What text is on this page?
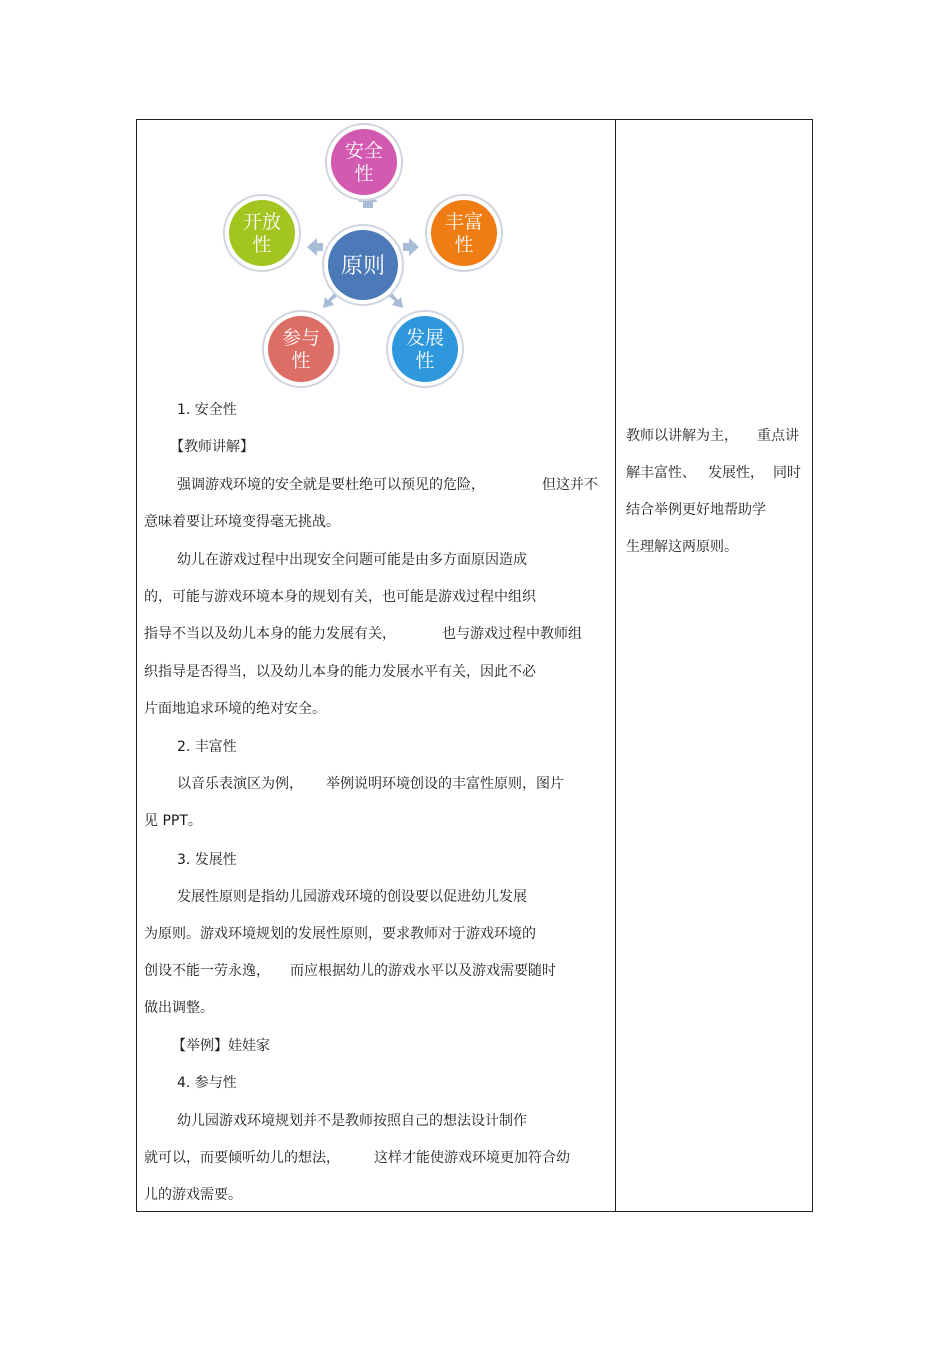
原则
安全
性
丰富
性
发展
性
参与
性
开放
性
1. 安全性
【教师讲解】
强调游戏环境的安全就是要杜绝可以预见的危险，	但这并不
意味着要让环境变得毫无挑战。
幼儿在游戏过程中出现安全问题可能是由多方面原因造成
的，可能与游戏环境本身的规划有关，也可能是游戏过程中组织
指导不当以及幼儿本身的能力发展有关，	也与游戏过程中教师组
织指导是否得当，以及幼儿本身的能力发展水平有关，因此不必
片面地追求环境的绝对安全。
2. 丰富性
以音乐表演区为例， 举例说明环境创设的丰富性原则，图片
见 PPT。
3. 发展性
发展性原则是指幼儿园游戏环境的创设要以促进幼儿发展
为原则。游戏环境规划的发展性原则，要求教师对于游戏环境的
创设不能一劳永逸， 而应根据幼儿的游戏水平以及游戏需要随时
做出调整。
【举例】娃娃家
4. 参与性
幼儿园游戏环境规划并不是教师按照自己的想法设计制作
就可以，而要倾听幼儿的想法， 这样才能使游戏环境更加符合幼
儿的游戏需要。
教师以讲解为主， 重点讲
解丰富性、 发展性， 同时
结合举例更好地帮助学
生理解这两原则。
